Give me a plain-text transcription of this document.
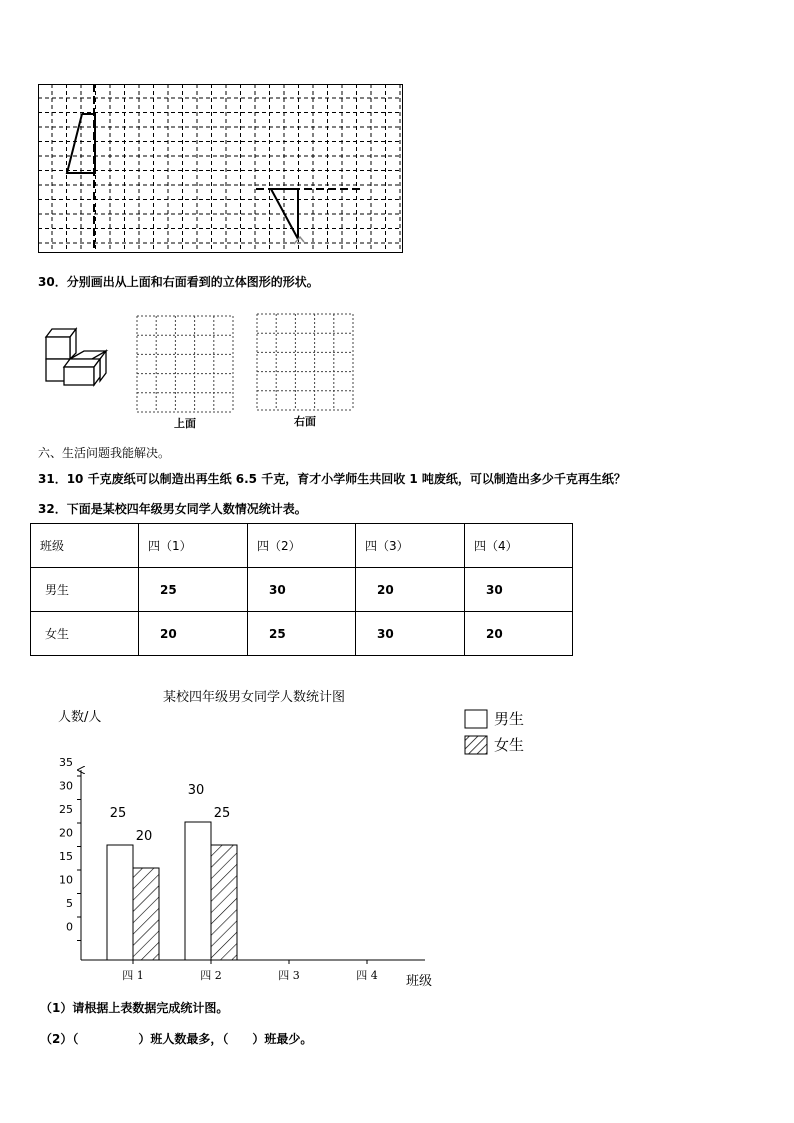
30．分别画出从上面和右面看到的立体图形的形状。
上面	右面
六、生活问题我能解决。
31．10 千克废纸可以制造出再生纸 6.5 千克，育才小学师生共回收 1 吨废纸，可以制造出多少千克再生纸？
32．下面是某校四年级男女同学人数情况统计表。
班级	四（1）	四（2）	四（3）	四（4）
男生	25	30	20	30
女生	20	25	30	20
某校四年级男女同学人数统计图
人数/人	男生
女生
35
30
25
20
15
10
5
0
四 1	四 2	四 3	四 4
25
30
20
25
班级
（1）请根据上表数据完成统计图。
（2）（　　　　　）班人数最多，（　　）班最少。
